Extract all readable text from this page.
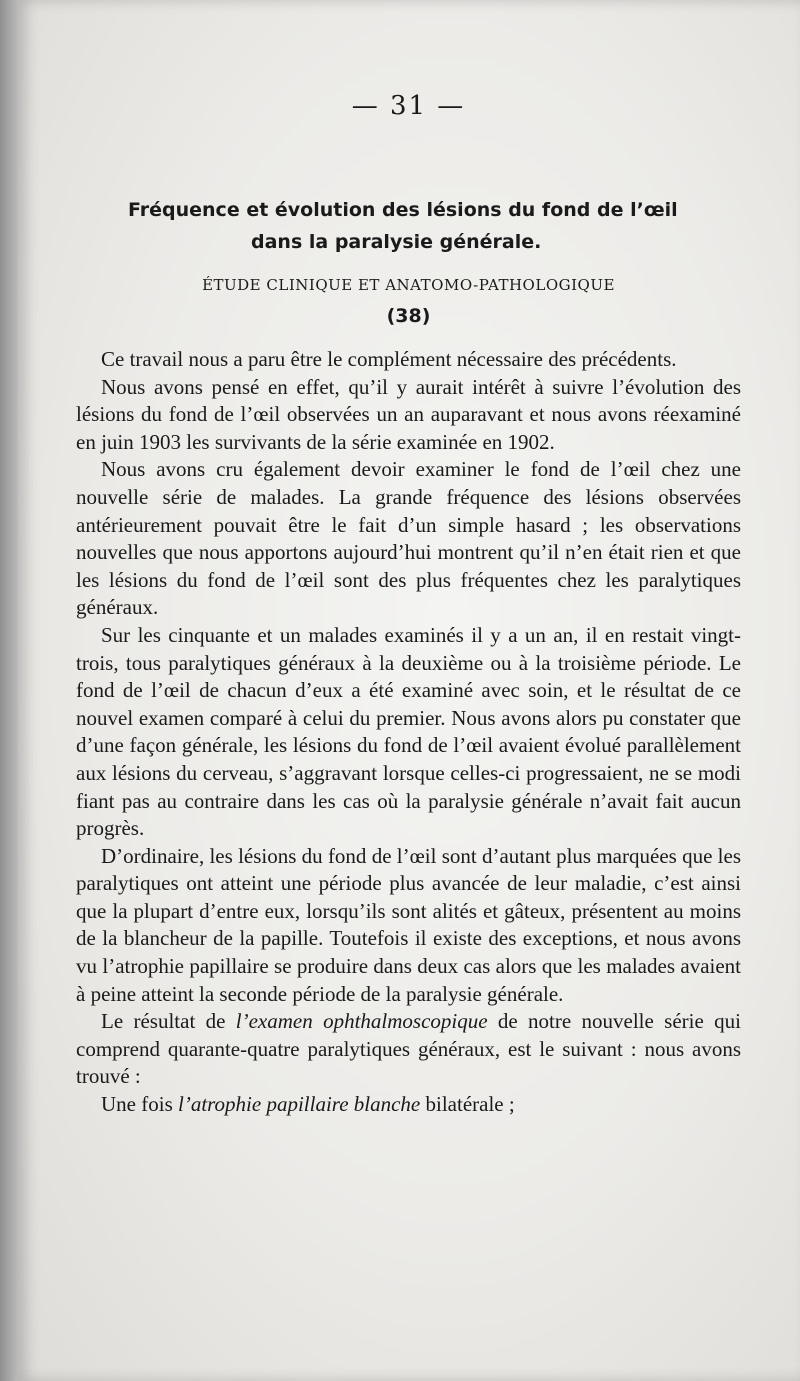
— 31 —
Fréquence et évolution des lésions du fond de l’œil
dans la paralysie générale.
ÉTUDE CLINIQUE ET ANATOMO-PATHOLOGIQUE
(38)

Ce travail nous a paru être le complément nécessaire des précédents.

Nous avons pensé en effet, qu’il y aurait intérêt à suivre l’évolution des lésions du fond de l’œil observées un an auparavant et nous avons réexaminé en juin 1903 les survivants de la série examinée en 1902.

Nous avons cru également devoir examiner le fond de l’œil chez une nouvelle série de malades. La grande fréquence des lésions observées antérieurement pouvait être le fait d’un simple hasard ; les observations nouvelles que nous apportons aujourd’hui montrent qu’il n’en était rien et que les lésions du fond de l’œil sont des plus fréquentes chez les paralytiques généraux.

Sur les cinquante et un malades examinés il y a un an, il en restait vingt-trois, tous paralytiques généraux à la deuxième ou à la troisième période. Le fond de l’œil de chacun d’eux a été examiné avec soin, et le résultat de ce nouvel examen comparé à celui du premier. Nous avons alors pu constater que d’une façon générale, les lésions du fond de l’œil avaient évolué parallèlement aux lésions du cerveau, s’aggravant lorsque celles-ci progressaient, ne se modi fiant pas au contraire dans les cas où la paralysie générale n’avait fait aucun progrès.

D’ordinaire, les lésions du fond de l’œil sont d’autant plus marquées que les paralytiques ont atteint une période plus avancée de leur maladie, c’est ainsi que la plupart d’entre eux, lorsqu’ils sont alités et gâteux, présentent au moins de la blancheur de la papille. Toutefois il existe des exceptions, et nous avons vu l’atrophie papillaire se produire dans deux cas alors que les malades avaient à peine atteint la seconde période de la paralysie générale.

Le résultat de l’examen ophthalmoscopique de notre nouvelle série qui comprend quarante-quatre paralytiques généraux, est le suivant : nous avons trouvé :

Une fois l’atrophie papillaire blanche bilatérale ;
